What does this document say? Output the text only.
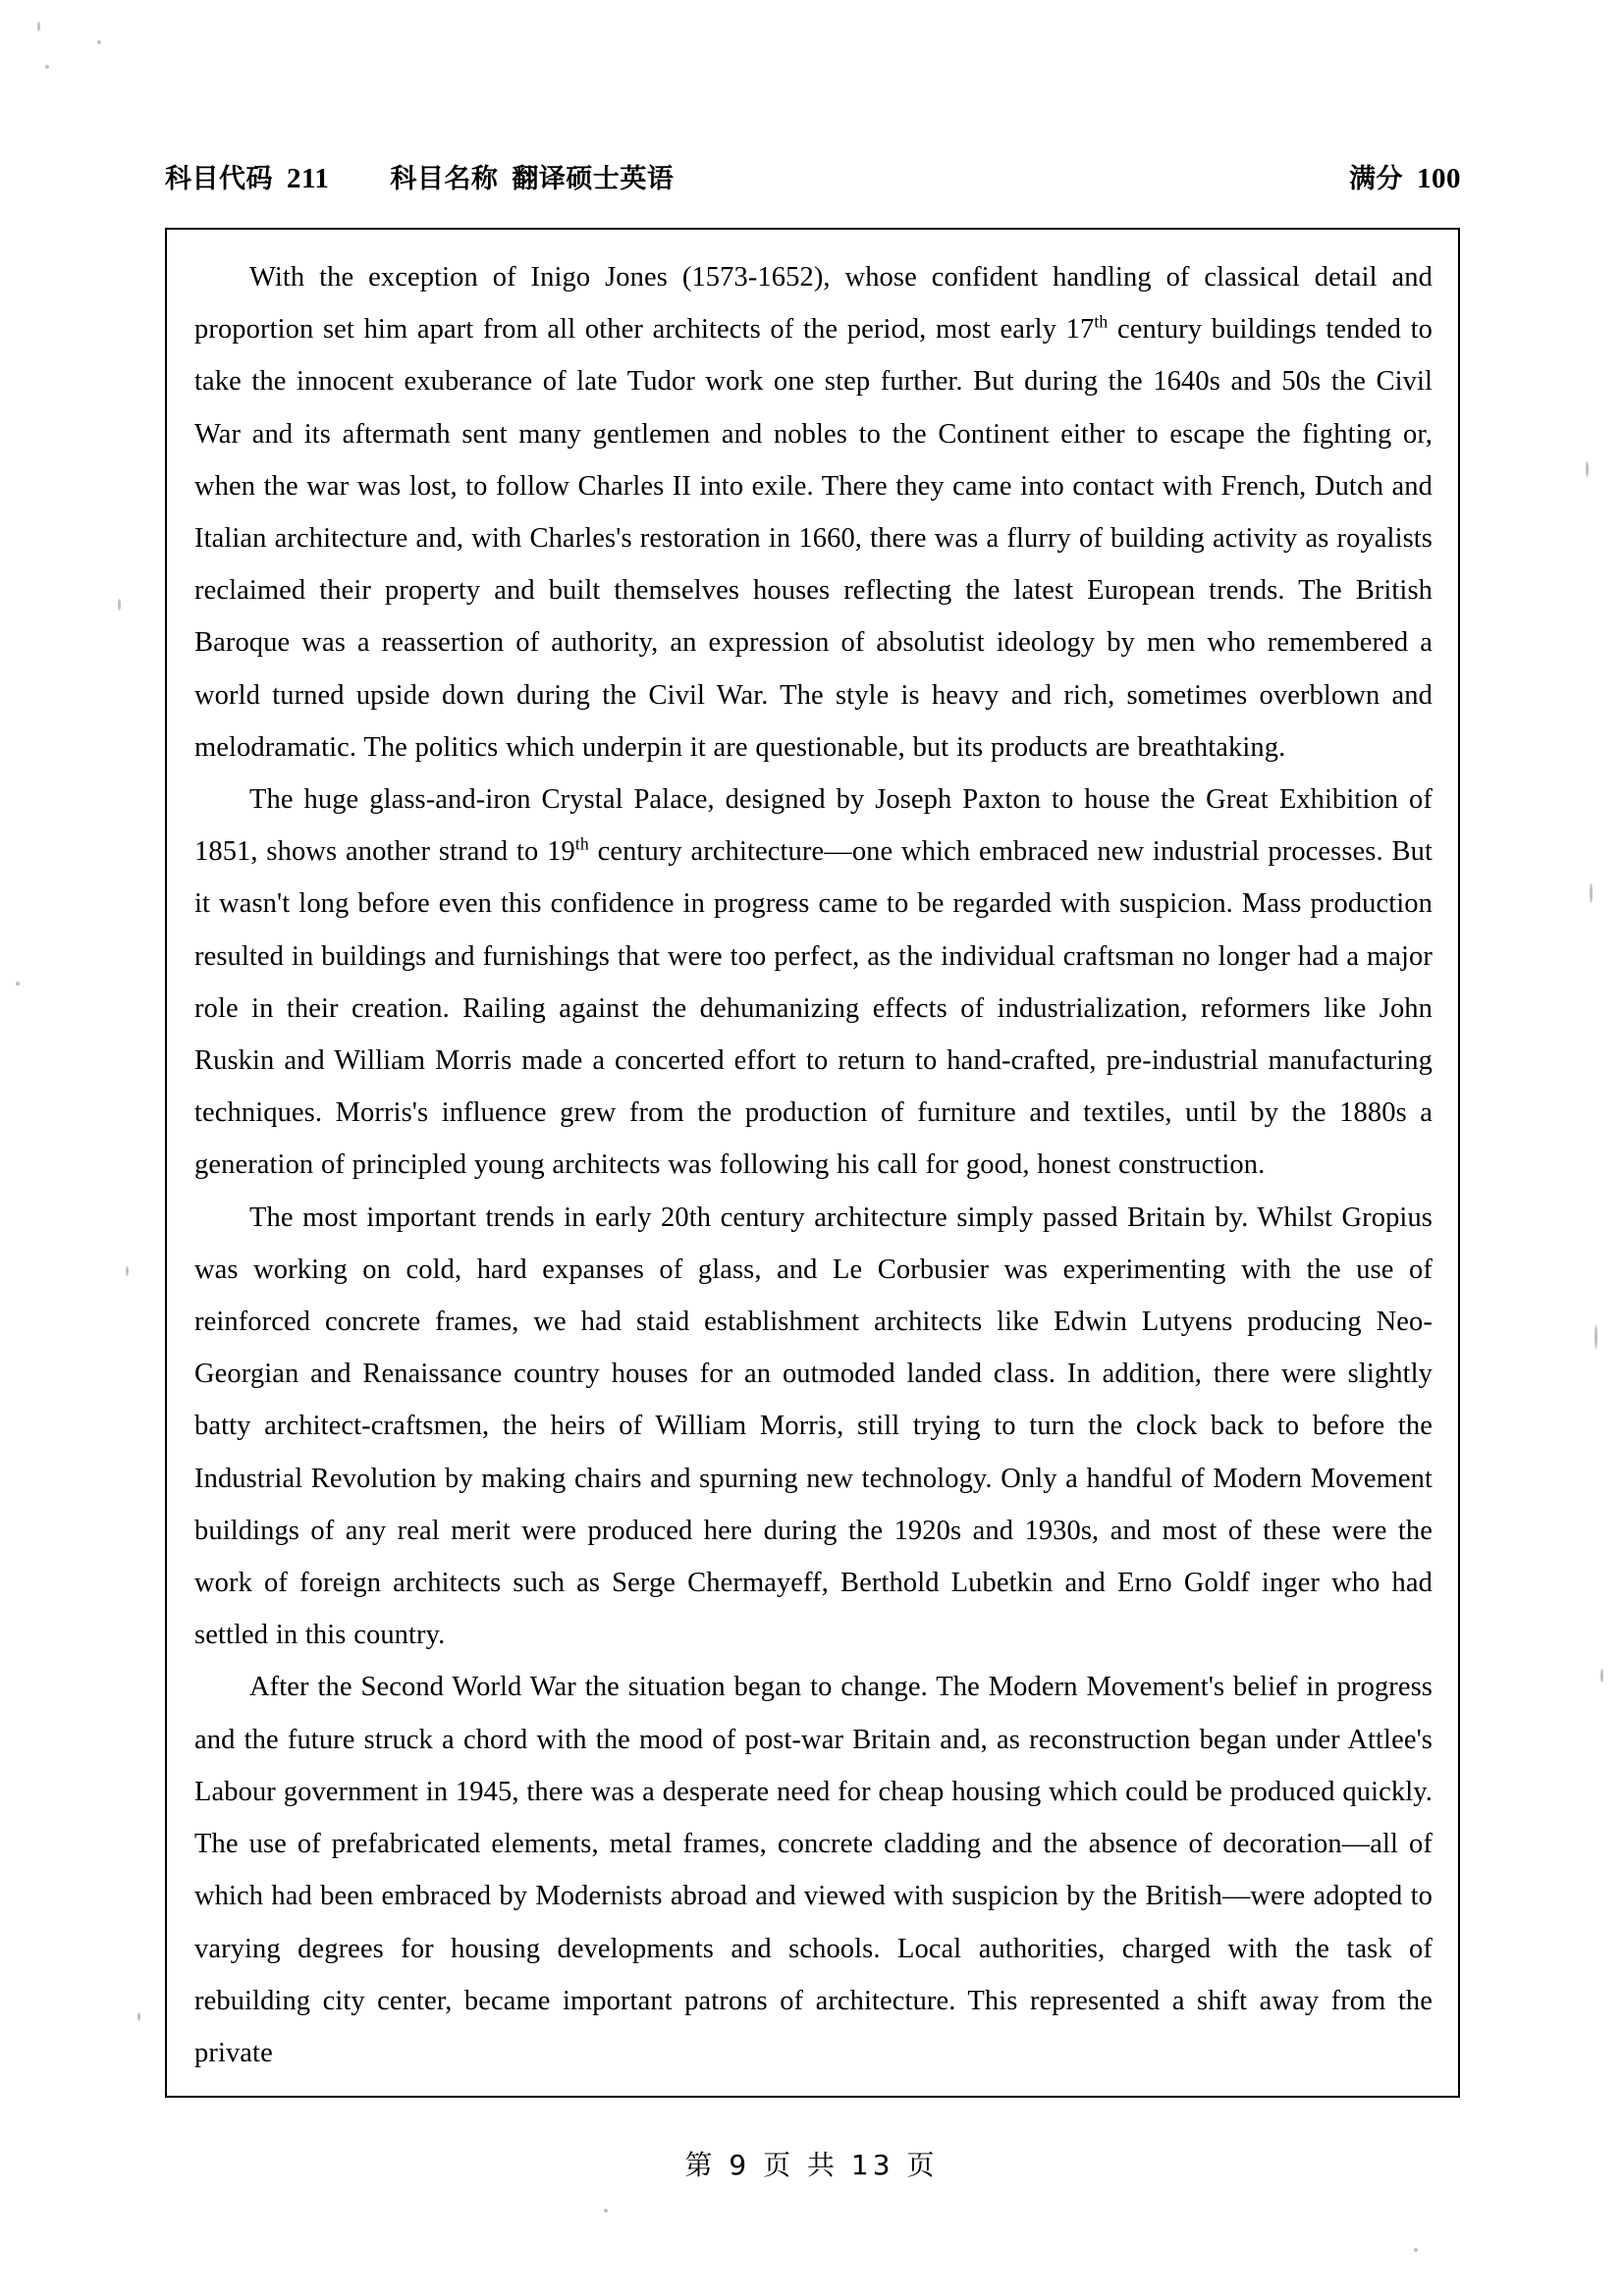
科目代码 211 科目名称 翻译硕士英语	满分 100

With the exception of Inigo Jones (1573-1652), whose confident handling of classical detail and proportion set him apart from all other architects of the period, most early 17th century buildings tended to take the innocent exuberance of late Tudor work one step further. But during the 1640s and 50s the Civil War and its aftermath sent many gentlemen and nobles to the Continent either to escape the fighting or, when the war was lost, to follow Charles II into exile. There they came into contact with French, Dutch and Italian architecture and, with Charles's restoration in 1660, there was a flurry of building activity as royalists reclaimed their property and built themselves houses reflecting the latest European trends. The British Baroque was a reassertion of authority, an expression of absolutist ideology by men who remembered a world turned upside down during the Civil War. The style is heavy and rich, sometimes overblown and melodramatic. The politics which underpin it are questionable, but its products are breathtaking.

The huge glass-and-iron Crystal Palace, designed by Joseph Paxton to house the Great Exhibition of 1851, shows another strand to 19th century architecture—one which embraced new industrial processes. But it wasn't long before even this confidence in progress came to be regarded with suspicion. Mass production resulted in buildings and furnishings that were too perfect, as the individual craftsman no longer had a major role in their creation. Railing against the dehumanizing effects of industrialization, reformers like John Ruskin and William Morris made a concerted effort to return to hand-crafted, pre-industrial manufacturing techniques. Morris's influence grew from the production of furniture and textiles, until by the 1880s a generation of principled young architects was following his call for good, honest construction.

The most important trends in early 20th century architecture simply passed Britain by. Whilst Gropius was working on cold, hard expanses of glass, and Le Corbusier was experimenting with the use of reinforced concrete frames, we had staid establishment architects like Edwin Lutyens producing Neo-Georgian and Renaissance country houses for an outmoded landed class. In addition, there were slightly batty architect-craftsmen, the heirs of William Morris, still trying to turn the clock back to before the Industrial Revolution by making chairs and spurning new technology. Only a handful of Modern Movement buildings of any real merit were produced here during the 1920s and 1930s, and most of these were the work of foreign architects such as Serge Chermayeff, Berthold Lubetkin and Erno Goldf inger who had settled in this country.

After the Second World War the situation began to change. The Modern Movement's belief in progress and the future struck a chord with the mood of post-war Britain and, as reconstruction began under Attlee's Labour government in 1945, there was a desperate need for cheap housing which could be produced quickly. The use of prefabricated elements, metal frames, concrete cladding and the absence of decoration—all of which had been embraced by Modernists abroad and viewed with suspicion by the British—were adopted to varying degrees for housing developments and schools. Local authorities, charged with the task of rebuilding city center, became important patrons of architecture. This represented a shift away from the private

第 9 页 共 13 页
